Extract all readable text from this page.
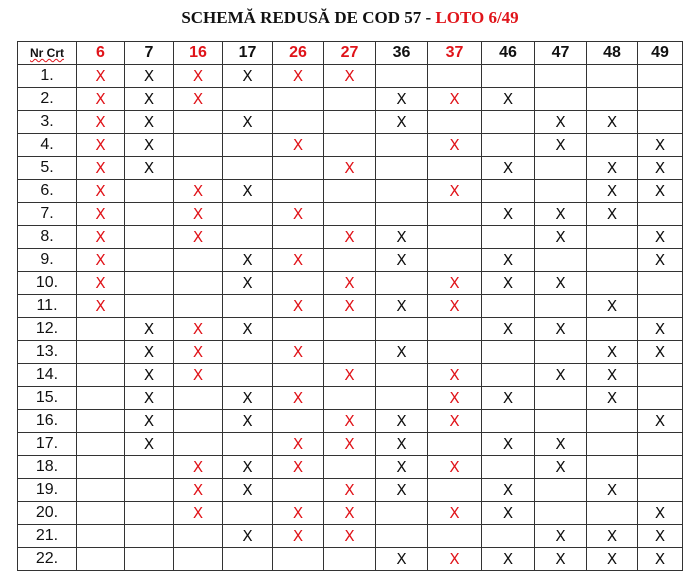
SCHEMĂ REDUSĂ DE COD 57 - LOTO 6/49
Nr Crt	6	7	16	17	26	27	36	37	46	47	48	49
1.	X	X	X	X	X	X						
2.	X	X	X				X	X	X			
3.	X	X		X			X			X	X	
4.	X	X			X			X		X		X
5.	X	X				X			X		X	X
6.	X		X	X				X			X	X
7.	X		X		X				X	X	X	
8.	X		X			X	X			X		X
9.	X			X	X		X		X			X
10.	X			X		X		X	X	X		
11.	X				X	X	X	X			X	
12.		X	X	X					X	X		X
13.		X	X		X		X				X	X
14.		X	X			X		X		X	X	
15.		X		X	X			X	X		X	
16.		X		X		X	X	X				X
17.		X			X	X	X		X	X		
18.			X	X	X		X	X		X		
19.			X	X		X	X		X		X	
20.			X		X	X		X	X			X
21.				X	X	X				X	X	X
22.							X	X	X	X	X	X
